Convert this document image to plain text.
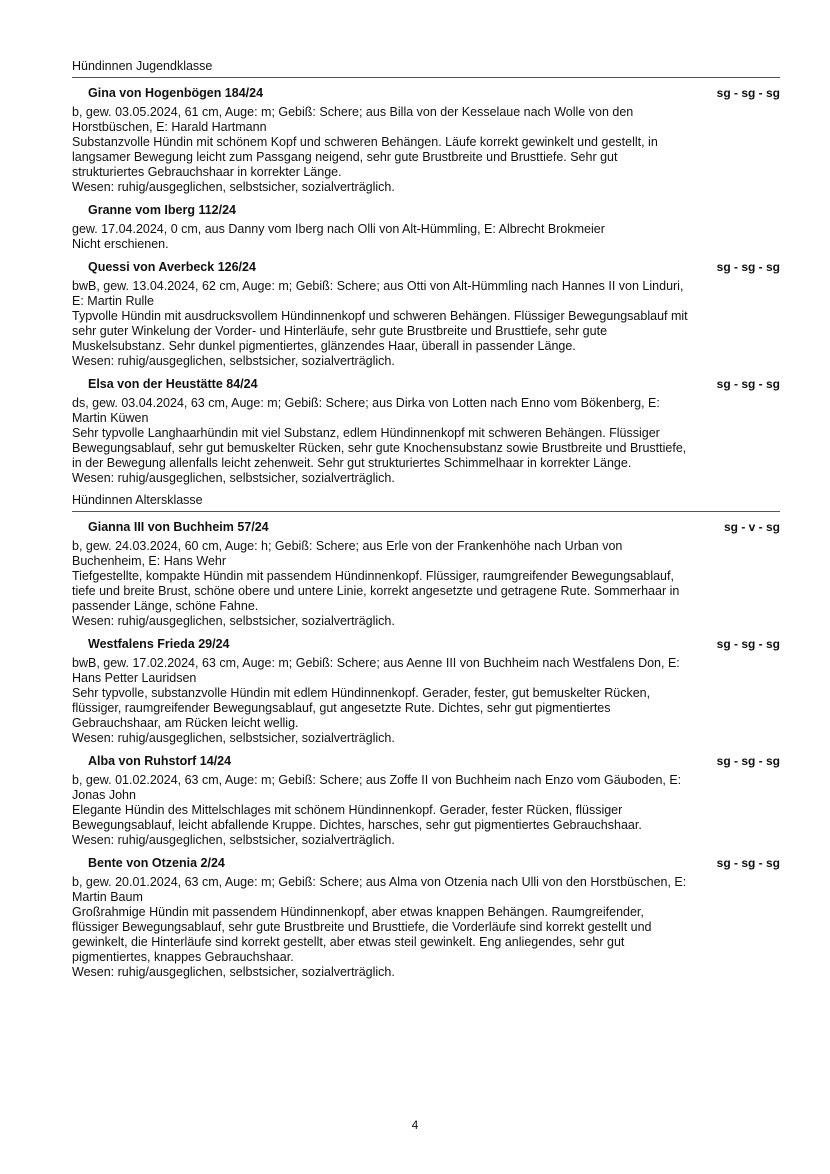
Hündinnen Jugendklasse
Gina von Hogenbögen 184/24	sg - sg - sg
b, gew. 03.05.2024, 61 cm, Auge: m; Gebiß: Schere; aus Billa von der Kesselaue nach Wolle von den
Horstbüschen, E: Harald Hartmann
Substanzvolle Hündin mit schönem Kopf und schweren Behängen. Läufe korrekt gewinkelt und gestellt, in
langsamer Bewegung leicht zum Passgang neigend, sehr gute Brustbreite und Brusttiefe. Sehr gut
strukturiertes Gebrauchshaar in korrekter Länge.
Wesen: ruhig/ausgeglichen, selbstsicher, sozialverträglich.
Granne vom Iberg 112/24
gew. 17.04.2024, 0 cm, aus Danny vom Iberg nach Olli von Alt-Hümmling, E: Albrecht Brokmeier
Nicht erschienen.
Quessi von Averbeck 126/24	sg - sg - sg
bwB, gew. 13.04.2024, 62 cm, Auge: m; Gebiß: Schere; aus Otti von Alt-Hümmling nach Hannes II von Linduri,
E: Martin Rulle
Typvolle Hündin mit ausdrucksvollem Hündinnenkopf und schweren Behängen. Flüssiger Bewegungsablauf mit
sehr guter Winkelung der Vorder- und Hinterläufe, sehr gute Brustbreite und Brusttiefe, sehr gute
Muskelsubstanz. Sehr dunkel pigmentiertes, glänzendes Haar, überall in passender Länge.
Wesen: ruhig/ausgeglichen, selbstsicher, sozialverträglich.
Elsa von der Heustätte 84/24	sg - sg - sg
ds, gew. 03.04.2024, 63 cm, Auge: m; Gebiß: Schere; aus Dirka von Lotten nach Enno vom Bökenberg, E:
Martin Küwen
Sehr typvolle Langhaarhündin mit viel Substanz, edlem Hündinnenkopf mit schweren Behängen. Flüssiger
Bewegungsablauf, sehr gut bemuskelter Rücken, sehr gute Knochensubstanz sowie Brustbreite und Brusttiefe,
in der Bewegung allenfalls leicht zehenweit. Sehr gut strukturiertes Schimmelhaar in korrekter Länge.
Wesen: ruhig/ausgeglichen, selbstsicher, sozialverträglich.
Hündinnen Altersklasse
Gianna III von Buchheim 57/24	sg - v - sg
b, gew. 24.03.2024, 60 cm, Auge: h; Gebiß: Schere; aus Erle von der Frankenhöhe nach Urban von
Buchenheim, E: Hans Wehr
Tiefgestellte, kompakte Hündin mit passendem Hündinnenkopf. Flüssiger, raumgreifender Bewegungsablauf,
tiefe und breite Brust, schöne obere und untere Linie, korrekt angesetzte und getragene Rute. Sommerhaar in
passender Länge, schöne Fahne.
Wesen: ruhig/ausgeglichen, selbstsicher, sozialverträglich.
Westfalens Frieda 29/24	sg - sg - sg
bwB, gew. 17.02.2024, 63 cm, Auge: m; Gebiß: Schere; aus Aenne III von Buchheim nach Westfalens Don, E:
Hans Petter Lauridsen
Sehr typvolle, substanzvolle Hündin mit edlem Hündinnenkopf. Gerader, fester, gut bemuskelter Rücken,
flüssiger, raumgreifender Bewegungsablauf, gut angesetzte Rute. Dichtes, sehr gut pigmentiertes
Gebrauchshaar, am Rücken leicht wellig.
Wesen: ruhig/ausgeglichen, selbstsicher, sozialverträglich.
Alba von Ruhstorf 14/24	sg - sg - sg
b, gew. 01.02.2024, 63 cm, Auge: m; Gebiß: Schere; aus Zoffe II von Buchheim nach Enzo vom Gäuboden, E:
Jonas John
Elegante Hündin des Mittelschlages mit schönem Hündinnenkopf. Gerader, fester Rücken, flüssiger
Bewegungsablauf, leicht abfallende Kruppe. Dichtes, harsches, sehr gut pigmentiertes Gebrauchshaar.
Wesen: ruhig/ausgeglichen, selbstsicher, sozialverträglich.
Bente von Otzenia 2/24	sg - sg - sg
b, gew. 20.01.2024, 63 cm, Auge: m; Gebiß: Schere; aus Alma von Otzenia nach Ulli von den Horstbüschen, E:
Martin Baum
Großrahmige Hündin mit passendem Hündinnenkopf, aber etwas knappen Behängen. Raumgreifender,
flüssiger Bewegungsablauf, sehr gute Brustbreite und Brusttiefe, die Vorderläufe sind korrekt gestellt und
gewinkelt, die Hinterläufe sind korrekt gestellt, aber etwas steil gewinkelt. Eng anliegendes, sehr gut
pigmentiertes, knappes Gebrauchshaar.
Wesen: ruhig/ausgeglichen, selbstsicher, sozialverträglich.
4
